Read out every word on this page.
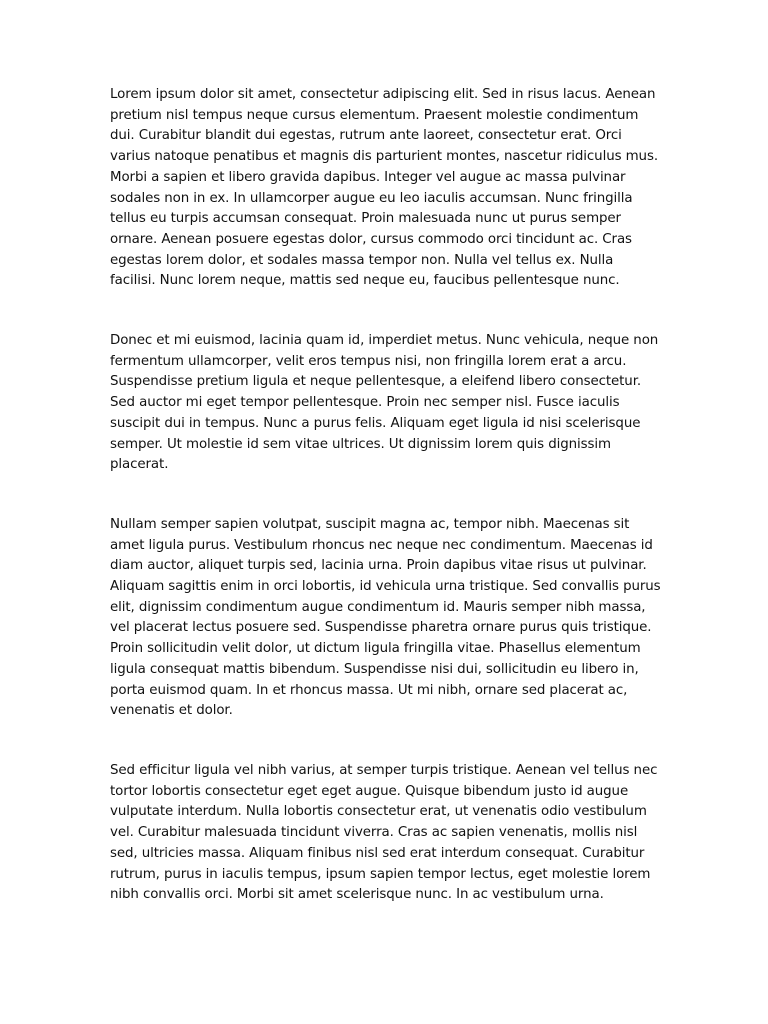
Lorem ipsum dolor sit amet, consectetur adipiscing elit. Sed in risus lacus. Aenean pretium nisl tempus neque cursus elementum. Praesent molestie condimentum dui. Curabitur blandit dui egestas, rutrum ante laoreet, consectetur erat. Orci varius natoque penatibus et magnis dis parturient montes, nascetur ridiculus mus. Morbi a sapien et libero gravida dapibus. Integer vel augue ac massa pulvinar sodales non in ex. In ullamcorper augue eu leo iaculis accumsan. Nunc fringilla tellus eu turpis accumsan consequat. Proin malesuada nunc ut purus semper ornare. Aenean posuere egestas dolor, cursus commodo orci tincidunt ac. Cras egestas lorem dolor, et sodales massa tempor non. Nulla vel tellus ex. Nulla facilisi. Nunc lorem neque, mattis sed neque eu, faucibus pellentesque nunc.

Donec et mi euismod, lacinia quam id, imperdiet metus. Nunc vehicula, neque non fermentum ullamcorper, velit eros tempus nisi, non fringilla lorem erat a arcu. Suspendisse pretium ligula et neque pellentesque, a eleifend libero consectetur. Sed auctor mi eget tempor pellentesque. Proin nec semper nisl. Fusce iaculis suscipit dui in tempus. Nunc a purus felis. Aliquam eget ligula id nisi scelerisque semper. Ut molestie id sem vitae ultrices. Ut dignissim lorem quis dignissim placerat.

Nullam semper sapien volutpat, suscipit magna ac, tempor nibh. Maecenas sit amet ligula purus. Vestibulum rhoncus nec neque nec condimentum. Maecenas id diam auctor, aliquet turpis sed, lacinia urna. Proin dapibus vitae risus ut pulvinar. Aliquam sagittis enim in orci lobortis, id vehicula urna tristique. Sed convallis purus elit, dignissim condimentum augue condimentum id. Mauris semper nibh massa, vel placerat lectus posuere sed. Suspendisse pharetra ornare purus quis tristique. Proin sollicitudin velit dolor, ut dictum ligula fringilla vitae. Phasellus elementum ligula consequat mattis bibendum. Suspendisse nisi dui, sollicitudin eu libero in, porta euismod quam. In et rhoncus massa. Ut mi nibh, ornare sed placerat ac, venenatis et dolor.

Sed efficitur ligula vel nibh varius, at semper turpis tristique. Aenean vel tellus nec tortor lobortis consectetur eget eget augue. Quisque bibendum justo id augue vulputate interdum. Nulla lobortis consectetur erat, ut venenatis odio vestibulum vel. Curabitur malesuada tincidunt viverra. Cras ac sapien venenatis, mollis nisl sed, ultricies massa. Aliquam finibus nisl sed erat interdum consequat. Curabitur rutrum, purus in iaculis tempus, ipsum sapien tempor lectus, eget molestie lorem nibh convallis orci. Morbi sit amet scelerisque nunc. In ac vestibulum urna.
